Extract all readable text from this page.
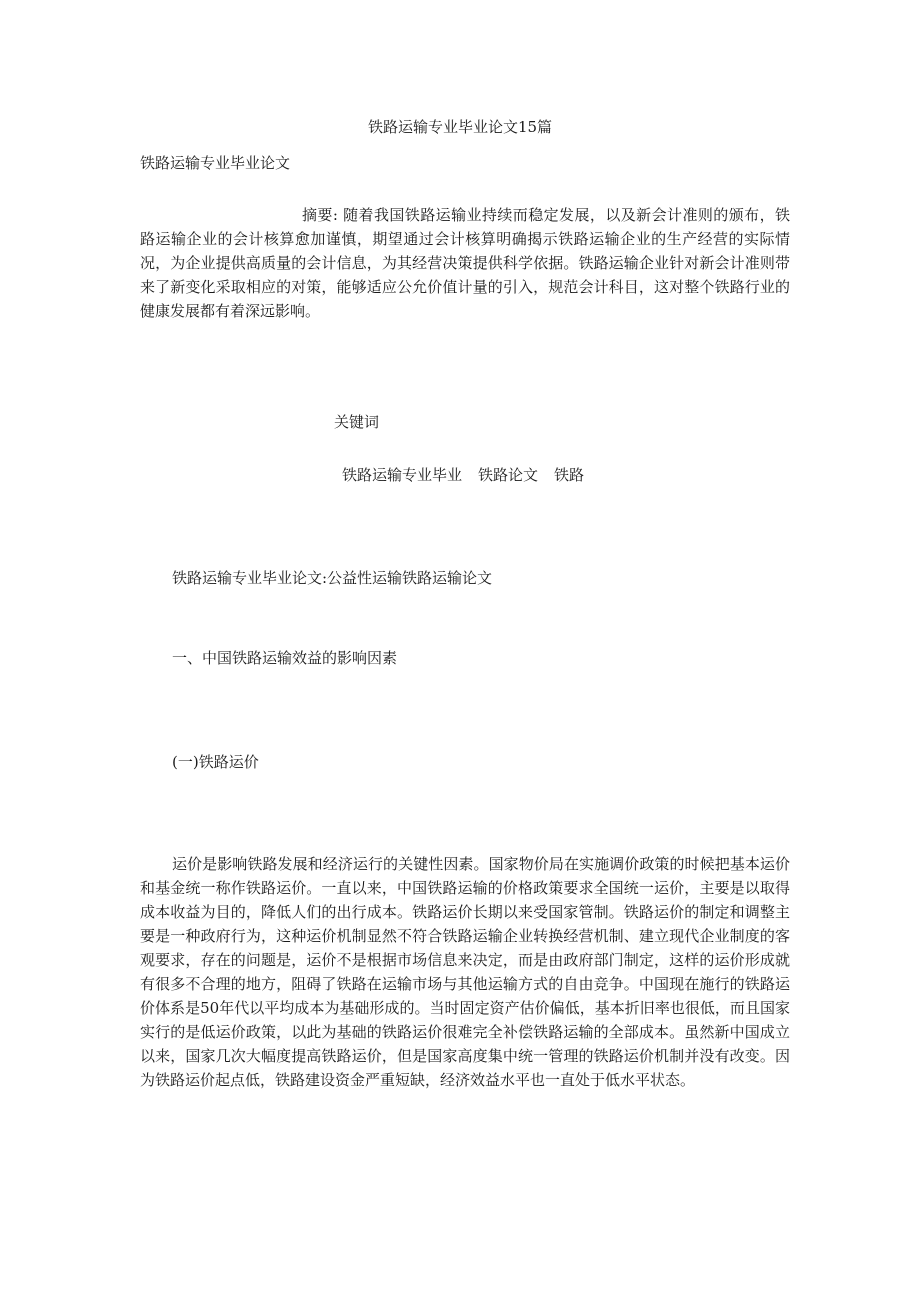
铁路运输专业毕业论文15篇
铁路运输专业毕业论文
摘要: 随着我国铁路运输业持续而稳定发展，以及新会计准则的颁布，铁路运输企业的会计核算愈加谨慎，期望通过会计核算明确揭示铁路运输企业的生产经营的实际情况，为企业提供高质量的会计信息，为其经营决策提供科学依据。铁路运输企业针对新会计准则带来了新变化采取相应的对策，能够适应公允价值计量的引入，规范会计科目，这对整个铁路行业的健康发展都有着深远影响。
关键词
铁路运输专业毕业 铁路论文 铁路
铁路运输专业毕业论文:公益性运输铁路运输论文
一、中国铁路运输效益的影响因素
(一)铁路运价
运价是影响铁路发展和经济运行的关键性因素。国家物价局在实施调价政策的时候把基本运价和基金统一称作铁路运价。一直以来，中国铁路运输的价格政策要求全国统一运价，主要是以取得成本收益为目的，降低人们的出行成本。铁路运价长期以来受国家管制。铁路运价的制定和调整主要是一种政府行为，这种运价机制显然不符合铁路运输企业转换经营机制、建立现代企业制度的客观要求，存在的问题是，运价不是根据市场信息来决定，而是由政府部门制定，这样的运价形成就有很多不合理的地方，阻碍了铁路在运输市场与其他运输方式的自由竞争。中国现在施行的铁路运价体系是50年代以平均成本为基础形成的。当时固定资产估价偏低，基本折旧率也很低，而且国家实行的是低运价政策，以此为基础的铁路运价很难完全补偿铁路运输的全部成本。虽然新中国成立以来，国家几次大幅度提高铁路运价，但是国家高度集中统一管理的铁路运价机制并没有改变。因为铁路运价起点低，铁路建设资金严重短缺，经济效益水平也一直处于低水平状态。
